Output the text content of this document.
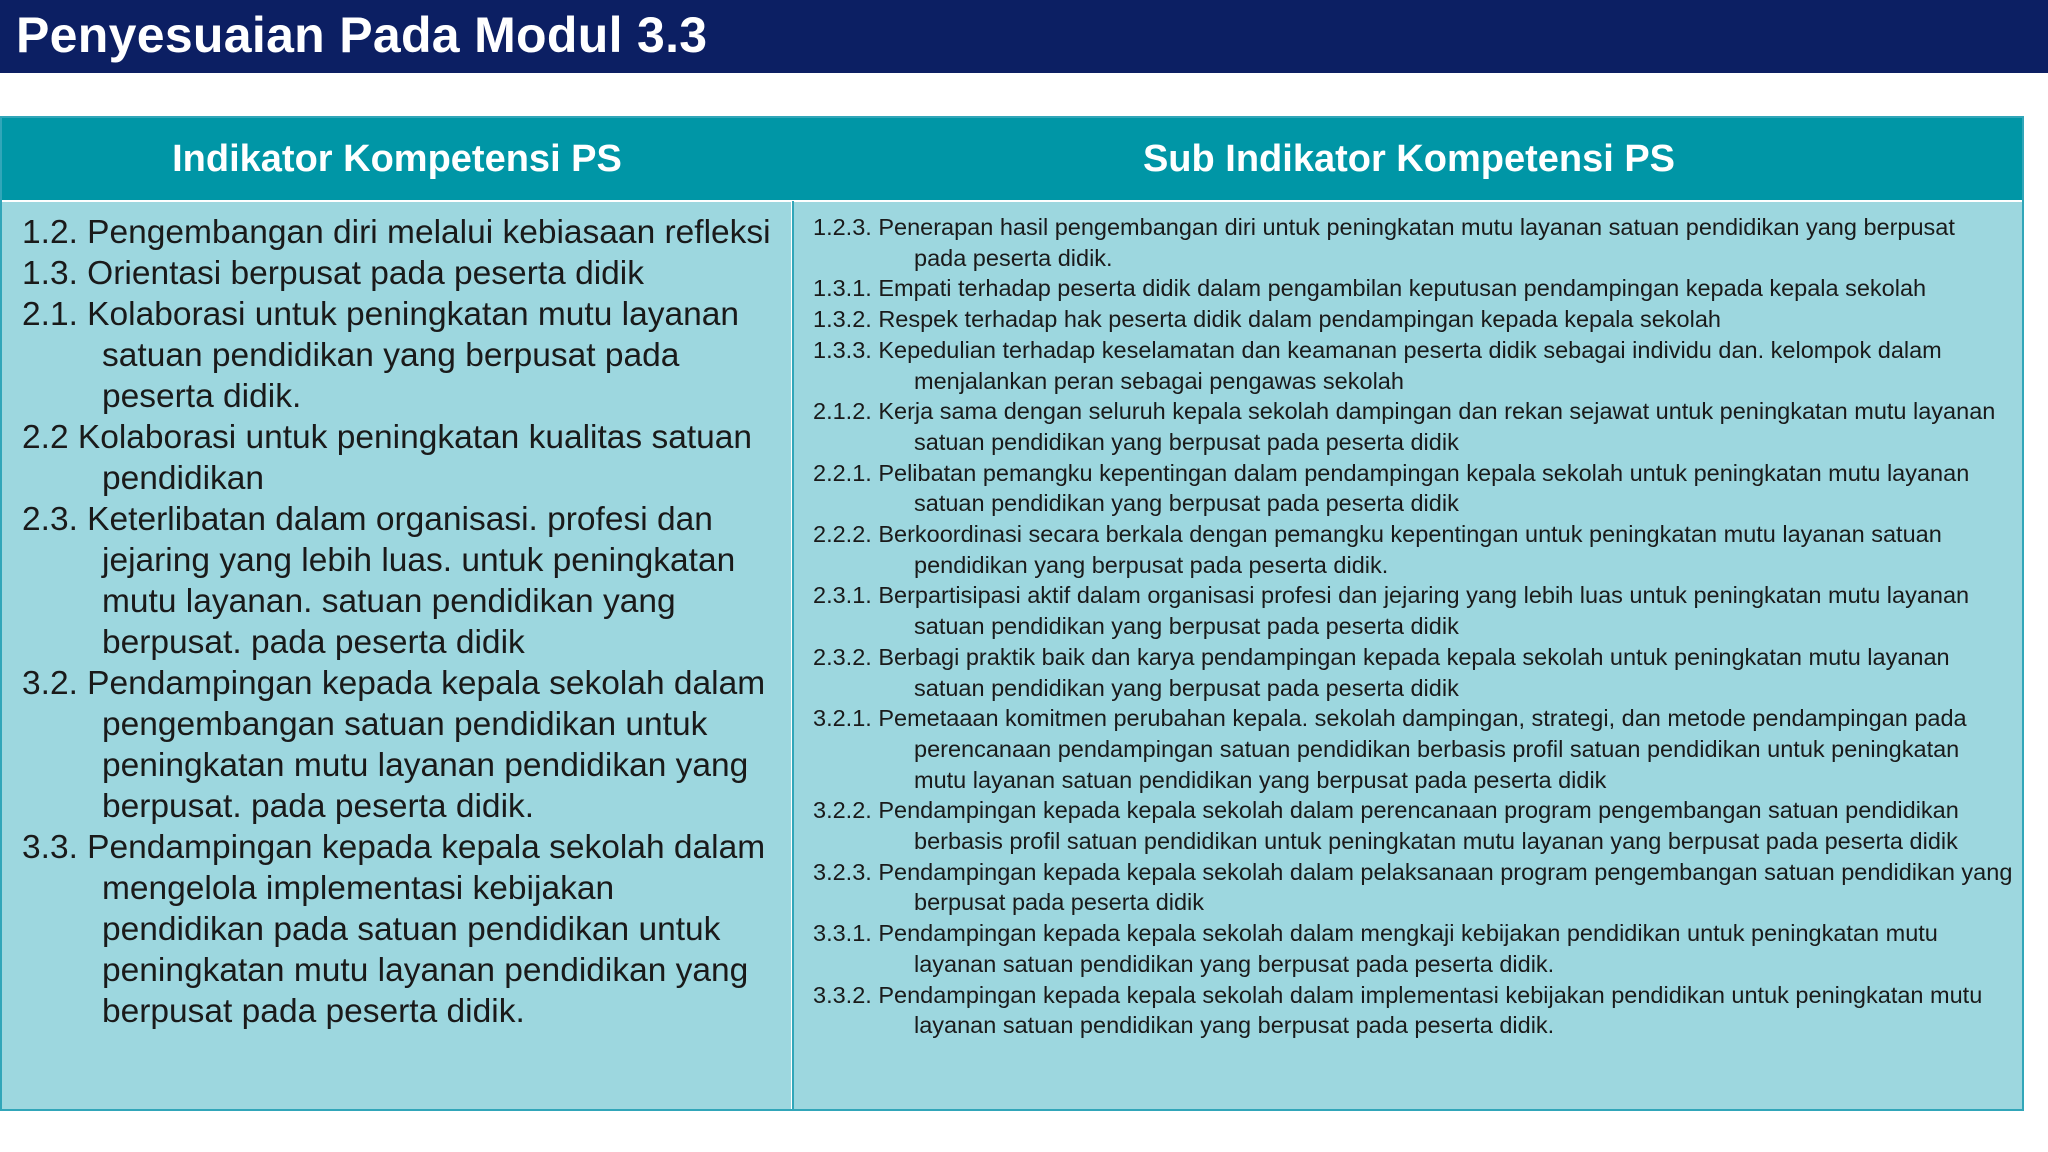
Penyesuaian Pada Modul 3.3
Indikator Kompetensi PS	Sub Indikator Kompetensi PS

1.2. Pengembangan diri melalui kebiasaan refleksi

1.3. Orientasi berpusat pada peserta didik

2.1. Kolaborasi untuk peningkatan mutu layanan satuan pendidikan yang berpusat pada peserta didik.

2.2 Kolaborasi untuk peningkatan kualitas satuan pendidikan

2.3. Keterlibatan dalam organisasi. profesi dan jejaring yang lebih luas. untuk peningkatan mutu layanan. satuan pendidikan yang berpusat. pada peserta didik

3.2. Pendampingan kepada kepala sekolah dalam pengembangan satuan pendidikan untuk peningkatan mutu layanan pendidikan yang berpusat. pada peserta didik.

3.3. Pendampingan kepada kepala sekolah dalam mengelola implementasi kebijakan pendidikan pada satuan pendidikan untuk peningkatan mutu layanan pendidikan yang berpusat pada peserta didik.

1.2.3. Penerapan hasil pengembangan diri untuk peningkatan mutu layanan satuan pendidikan yang berpusat pada peserta didik.

1.3.1. Empati terhadap peserta didik dalam pengambilan keputusan pendampingan kepada kepala sekolah

1.3.2. Respek terhadap hak peserta didik dalam pendampingan kepada kepala sekolah

1.3.3. Kepedulian terhadap keselamatan dan keamanan peserta didik sebagai individu dan. kelompok dalam menjalankan peran sebagai pengawas sekolah

2.1.2. Kerja sama dengan seluruh kepala sekolah dampingan dan rekan sejawat untuk peningkatan mutu layanan satuan pendidikan yang berpusat pada peserta didik

2.2.1. Pelibatan pemangku kepentingan dalam pendampingan kepala sekolah untuk peningkatan mutu layanan satuan pendidikan yang berpusat pada peserta didik

2.2.2. Berkoordinasi secara berkala dengan pemangku kepentingan untuk peningkatan mutu layanan satuan pendidikan yang berpusat pada peserta didik.

2.3.1. Berpartisipasi aktif dalam organisasi profesi dan jejaring yang lebih luas untuk peningkatan mutu layanan satuan pendidikan yang berpusat pada peserta didik

2.3.2. Berbagi praktik baik dan karya pendampingan kepada kepala sekolah untuk peningkatan mutu layanan satuan pendidikan yang berpusat pada peserta didik

3.2.1. Pemetaaan komitmen perubahan kepala. sekolah dampingan, strategi, dan metode pendampingan pada perencanaan pendampingan satuan pendidikan berbasis profil satuan pendidikan untuk peningkatan mutu layanan satuan pendidikan yang berpusat pada peserta didik

3.2.2. Pendampingan kepada kepala sekolah dalam perencanaan program pengembangan satuan pendidikan berbasis profil satuan pendidikan untuk peningkatan mutu layanan yang berpusat pada peserta didik

3.2.3. Pendampingan kepada kepala sekolah dalam pelaksanaan program pengembangan satuan pendidikan yang berpusat pada peserta didik

3.3.1. Pendampingan kepada kepala sekolah dalam mengkaji kebijakan pendidikan untuk peningkatan mutu layanan satuan pendidikan yang berpusat pada peserta didik.

3.3.2. Pendampingan kepada kepala sekolah dalam implementasi kebijakan pendidikan untuk peningkatan mutu layanan satuan pendidikan yang berpusat pada peserta didik.
